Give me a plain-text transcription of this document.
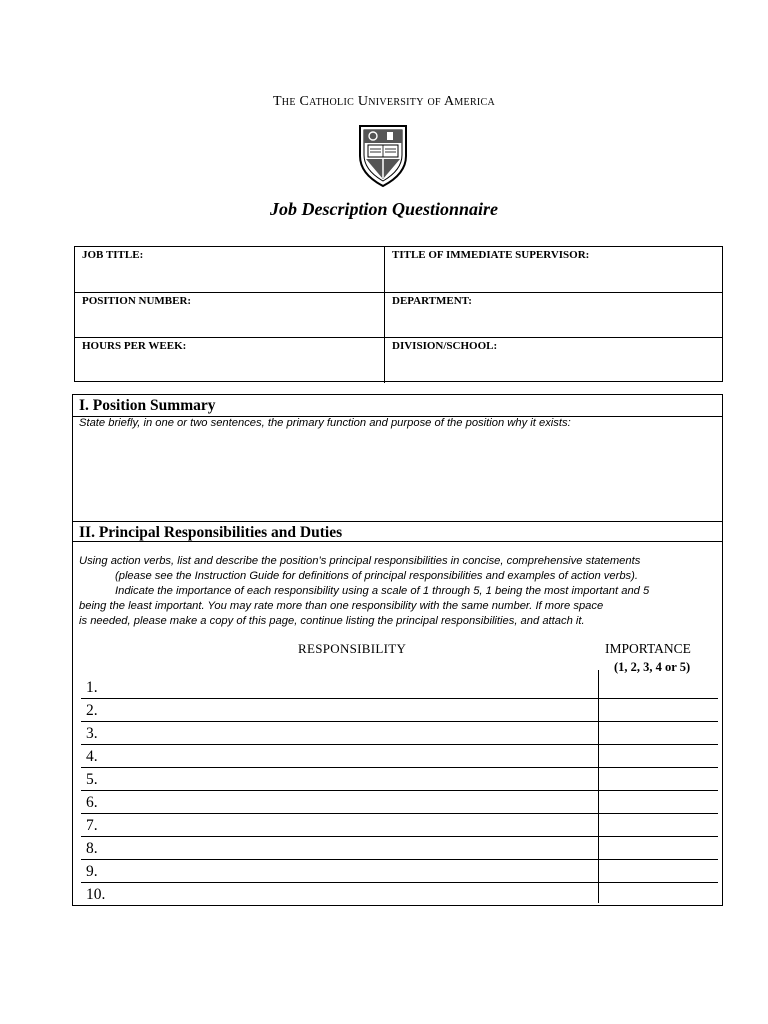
The Catholic University of America
Job Description Questionnaire
JOB TITLE:	TITLE OF IMMEDIATE SUPERVISOR:
POSITION NUMBER:	DEPARTMENT:
HOURS PER WEEK:	DIVISION/SCHOOL:
I. Position Summary
State briefly, in one or two sentences, the primary function and purpose of the position why it exists:
II. Principal Responsibilities and Duties
Using action verbs, list and describe the position’s principal responsibilities in concise, comprehensive statements
(please see the Instruction Guide for definitions of principal responsibilities and examples of action verbs).
Indicate the importance of each responsibility using a scale of 1 through 5, 1 being the most important and 5
being the least important. You may rate more than one responsibility with the same number. If more space
is needed, please make a copy of this page, continue listing the principal responsibilities, and attach it.
RESPONSIBILITY	IMPORTANCE
(1, 2, 3, 4 or 5)
1.
2.
3.
4.
5.
6.
7.
8.
9.
10.
